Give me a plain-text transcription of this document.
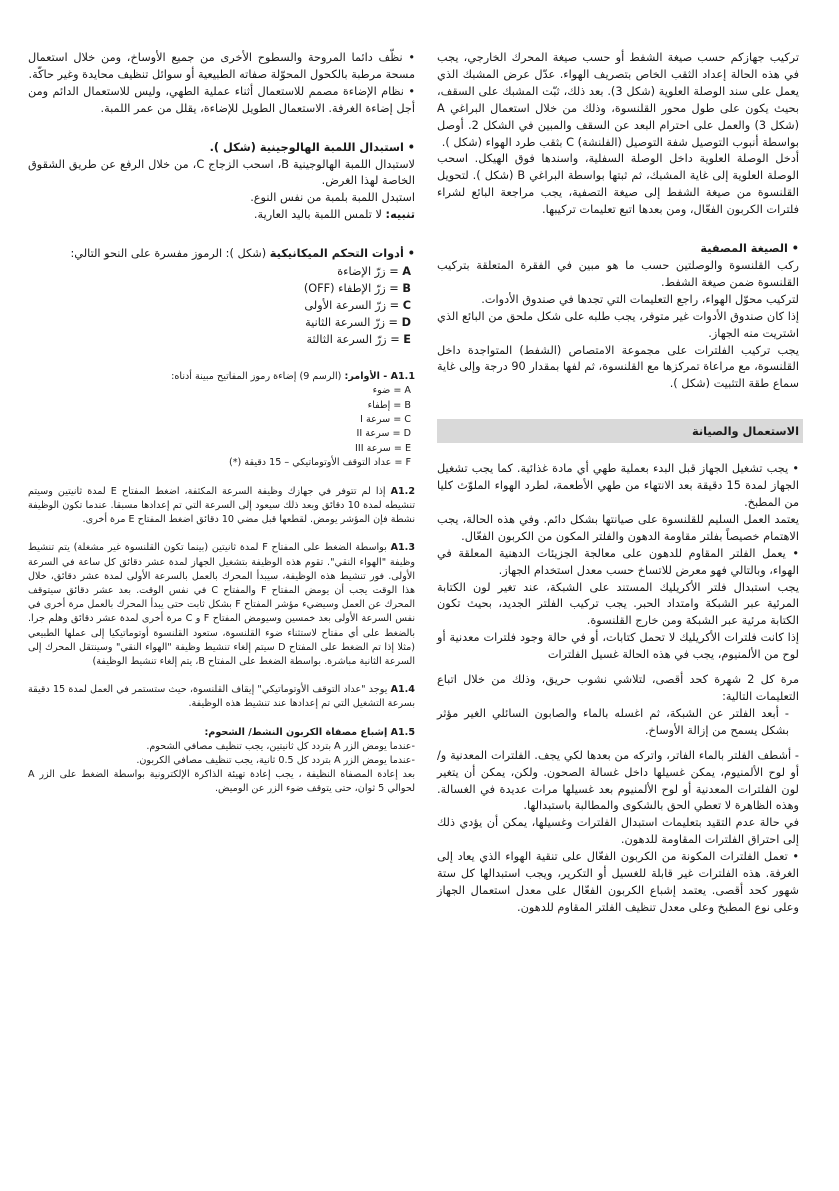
تركيب جهازكم حسب صيغة الشفط أو حسب صيغة المحرك الخارجي، يجب في هذه الحالة إعداد الثقب الخاص بتصريف الهواء. عدّل عرض المشبك الذي يعمل على سند الوصلة العلوية (شكل 3). بعد ذلك، ثبّت المشبك على السقف، بحيث يكون على طول محور القلنسوة، وذلك من خلال استعمال البراغي A (شكل 3) والعمل على احترام البعد عن السقف والمبين في الشكل 2. أوصل بواسطة أنبوب التوصيل شفة التوصيل (الفلنشة) C بثقب طرد الهواء (شكل ).

أدخل الوصلة العلوية داخل الوصلة السفلية، واسندها فوق الهيكل. اسحب الوصلة العلوية إلى غاية المشبك، ثم ثبتها بواسطة البراغي B (شكل ). لتحويل القلنسوة من صيغة الشفط إلى صيغة التصفية، يجب مراجعة البائع لشراء فلترات الكربون الفعّال، ومن بعدها اتبع تعليمات تركيبها.

• الصيغة المصفية

ركب القلنسوة والوصلتين حسب ما هو مبين في الفقرة المتعلقة بتركيب القلنسوة ضمن صيغة الشفط.

لتركيب محوّل الهواء، راجع التعليمات التي تجدها في صندوق الأدوات.

إذا كان صندوق الأدوات غير متوفر، يجب طلبه على شكل ملحق من البائع الذي اشتريت منه الجهاز.

يجب تركيب الفلترات على مجموعة الامتصاص (الشفط) المتواجدة داخل القلنسوة، مع مراعاة تمركزها مع القلنسوة، ثم لفها بمقدار 90 درجة وإلى غاية سماع طقة التثبيت (شكل ).

الاستعمال والصيانة

• يجب تشغيل الجهاز قبل البدء بعملية طهي أي مادة غذائية. كما يجب تشغيل الجهاز لمدة 15 دقيقة بعد الانتهاء من طهي الأطعمة، لطرد الهواء الملوّث كليا من المطبخ.

يعتمد العمل السليم للقلنسوة على صيانتها بشكل دائم. وفي هذه الحالة، يجب الاهتمام خصيصاً بفلتر مقاومة الدهون والفلتر المكون من الكربون الفعّال.

• يعمل الفلتر المقاوم للدهون على معالجة الجزيئات الدهنية المعلقة في الهواء، وبالتالي فهو معرض للاتساخ حسب معدل استخدام الجهاز.

يجب استبدال فلتر الأكريليك المستند على الشبكة، عند تغير لون الكتابة المرئية عبر الشبكة وامتداد الحبر. يجب تركيب الفلتر الجديد، بحيث تكون الكتابة مرئية عبر الشبكة ومن خارج القلنسوة.

إذا كانت فلترات الأكريليك لا تحمل كتابات، أو في حالة وجود فلترات معدنية أو لوح من الألمنيوم، يجب في هذه الحالة غسيل الفلترات

مرة كل 2 شهرة كحد أقصى، لتلاشي نشوب حريق، وذلك من خلال اتباع التعليمات التالية:

- أبعد الفلتر عن الشبكة، ثم اغسله بالماء والصابون السائلي الغير مؤثر بشكل يسمح من إزالة الأوساخ.

- أشطف الفلتر بالماء الفاتر، واتركه من بعدها لكي يجف. الفلترات المعدنية و/أو لوح الألمنيوم، يمكن غسيلها داخل غسالة الصحون. ولكن، يمكن أن يتغير لون الفلترات المعدنية أو لوح الألمنيوم بعد غسيلها مرات عديدة في الغسالة. وهذه الظاهرة لا تعطي الحق بالشكوى والمطالبة باستبدالها.

في حالة عدم التقيد بتعليمات استبدال الفلترات وغسيلها، يمكن أن يؤدي ذلك إلى احتراق الفلترات المقاومة للدهون.

• تعمل الفلترات المكونة من الكربون الفعّال على تنقية الهواء الذي يعاد إلى الغرفة. هذه الفلترات غير قابلة للغسيل أو التكرير، ويجب استبدالها كل ستة شهور كحد أقصى. يعتمد إشباع الكربون الفعّال على معدل استعمال الجهاز وعلى نوع المطبخ وعلى معدل تنظيف الفلتر المقاوم للدهون.

• نظّف دائما المروحة والسطوح الأخرى من جميع الأوساخ، ومن خلال استعمال مسحة مرطبة بالكحول المحوّلة صفاته الطبيعية أو سوائل تنظيف محايدة وغير حاكّة.

• نظام الإضاءة مصمم للاستعمال أثناء عملية الطهي، وليس للاستعمال الدائم ومن أجل إضاءة الغرفة. الاستعمال الطويل للإضاءة، يقلل من عمر اللمبة.

• استبدال اللمبة الهالوجينية (شكل ).

لاستبدال اللمبة الهالوجينية B، اسحب الزجاج C، من خلال الرفع عن طريق الشقوق الخاصة لهذا الغرض.

استبدل اللمبة بلمبة من نفس النوع.

تنبيه: لا تلمس اللمبة باليد العارية.

• أدوات التحكم الميكانيكية (شكل ): الرموز مفسرة على النحو التالي:

A = زرّ الإضاءة
B = زرّ الإطفاء (OFF)
C = زرّ السرعة الأولى
D = زرّ السرعة الثانية
E = زرّ السرعة الثالثة

A1.1 - الأوامر: (الرسم 9) إضاءة رموز المفاتيح مبينة أدناه:

A = ضوء
B = إطفاء
C = سرعة I
D = سرعة II
E = سرعة III
F = عداد التوقف الأوتوماتيكي – 15 دقيقة (*)

A1.2 إذا لم تتوفر في جهازك وظيفة السرعة المكثفة، اضغط المفتاح E لمدة ثانيتين وسيتم تنشيطه لمدة 10 دقائق وبعد ذلك سيعود إلى السرعة التي تم إعدادها مسبقا. عندما تكون الوظيفة نشطة فإن المؤشر يومض. لقطعها قبل مضي 10 دقائق اضغط المفتاح E مرة أخرى.

A1.3 بواسطة الضغط على المفتاح F لمدة ثانيتين (بينما تكون القلنسوة غير مشغلة) يتم تنشيط وظيفة "الهواء النقي". تقوم هذه الوظيفة بتشغيل الجهاز لمدة عشر دقائق كل ساعة في السرعة الأولى. فور تنشيط هذه الوظيفة، سيبدأ المحرك بالعمل بالسرعة الأولى لمدة عشر دقائق، خلال هذا الوقت يجب أن يومض المفتاح F والمفتاح C في نفس الوقت. بعد عشر دقائق سيتوقف المحرك عن العمل وسيضيء مؤشر المفتاح F بشكل ثابت حتى يبدأ المحرك بالعمل مرة أخرى في نفس السرعة الأولى بعد خمسين وسيومض المفتاح F و C مرة أخرى لمدة عشر دقائق وهلم جرا. بالضغط على أي مفتاح لاستثناء ضوء القلنسوة، ستعود القلنسوة أوتوماتيكيا إلى عملها الطبيعي (مثلا إذا تم الضغط على المفتاح D سيتم إلغاء تنشيط وظيفة "الهواء النقي" وسينتقل المحرك إلى السرعة الثانية مباشرة. بواسطة الضغط على المفتاح B، يتم إلغاء تنشيط الوظيفة)

A1.4 يوجد "عداد التوقف الأوتوماتيكي" إيقاف القلنسوة، حيث ستستمر في العمل لمدة 15 دقيقة بسرعة التشغيل التي تم إعدادها عند تنشيط هذه الوظيفة.

A1.5 إشباع مصفاة الكربون النشط/ الشحوم:

-عندما يومض الزر A بتردد كل ثانيتين، يجب تنظيف مصافي الشحوم.

-عندما يومض الزر A بتردد كل 0.5 ثانية، يجب تنظيف مصافي الكربون.

بعد إعادة المصفاة النظيفة ، يجب إعادة تهيئة الذاكرة الإلكترونية بواسطة الضغط على الزر A لحوالي 5 ثوان، حتى يتوقف ضوء الزر عن الوميض.
